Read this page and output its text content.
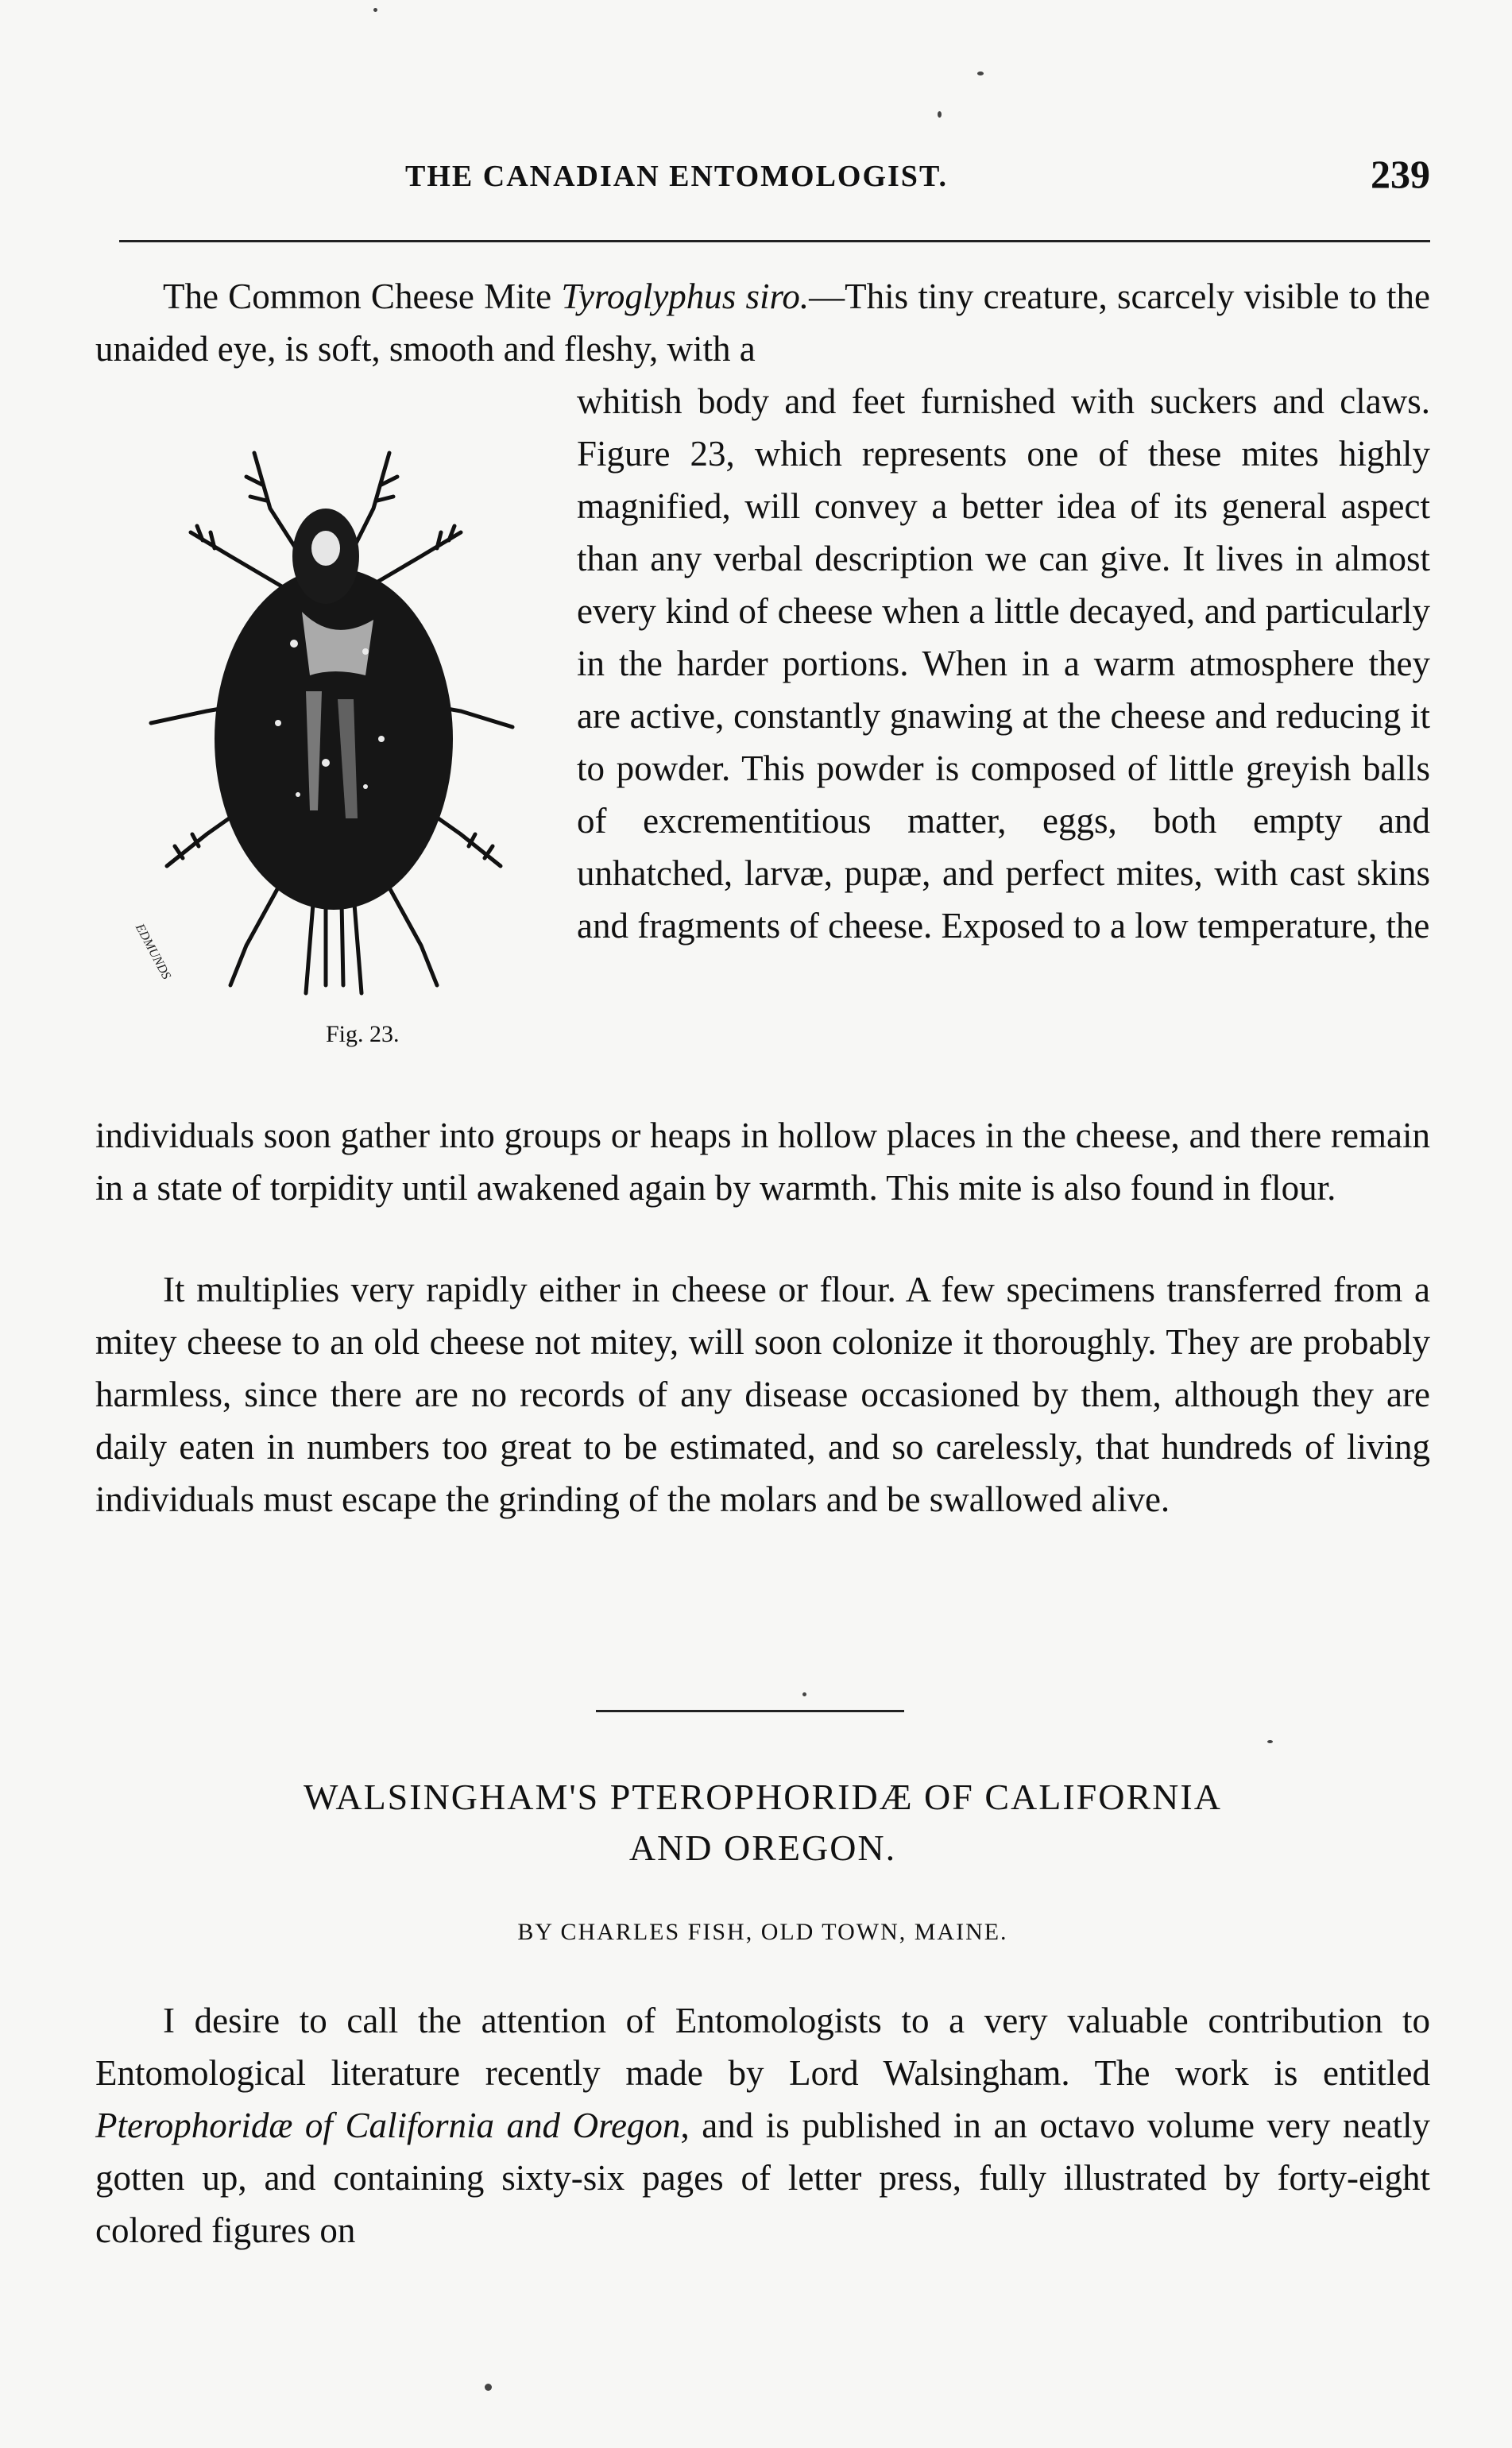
THE CANADIAN ENTOMOLOGIST.	239

The Common Cheese Mite Tyroglyphus siro.—This tiny creature, scarcely visible to the unaided eye, is soft, smooth and fleshy, with a

EDMUNDS
Fig. 23.

whitish body and feet furnished with suckers and claws. Figure 23, which represents one of these mites highly magnified, will convey a better idea of its general aspect than any verbal description we can give. It lives in almost every kind of cheese when a little decayed, and particularly in the harder portions. When in a warm atmosphere they are active, constantly gnawing at the cheese and reducing it to powder. This powder is composed of little greyish balls of excrementitious matter, eggs, both empty and unhatched, larvæ, pupæ, and perfect mites, with cast skins and fragments of cheese. Exposed to a low temperature, the

individuals soon gather into groups or heaps in hollow places in the cheese, and there remain in a state of torpidity until awakened again by warmth. This mite is also found in flour.

It multiplies very rapidly either in cheese or flour. A few specimens transferred from a mitey cheese to an old cheese not mitey, will soon colonize it thoroughly. They are probably harmless, since there are no records of any disease occasioned by them, although they are daily eaten in numbers too great to be estimated, and so carelessly, that hundreds of living individuals must escape the grinding of the molars and be swallowed alive.

WALSINGHAM'S PTEROPHORIDÆ OF CALIFORNIA
AND OREGON.
BY CHARLES FISH, OLD TOWN, MAINE.

I desire to call the attention of Entomologists to a very valuable contribution to Entomological literature recently made by Lord Walsingham. The work is entitled Pterophoridæ of California and Oregon, and is published in an octavo volume very neatly gotten up, and containing sixty-six pages of letter press, fully illustrated by forty-eight colored figures on
